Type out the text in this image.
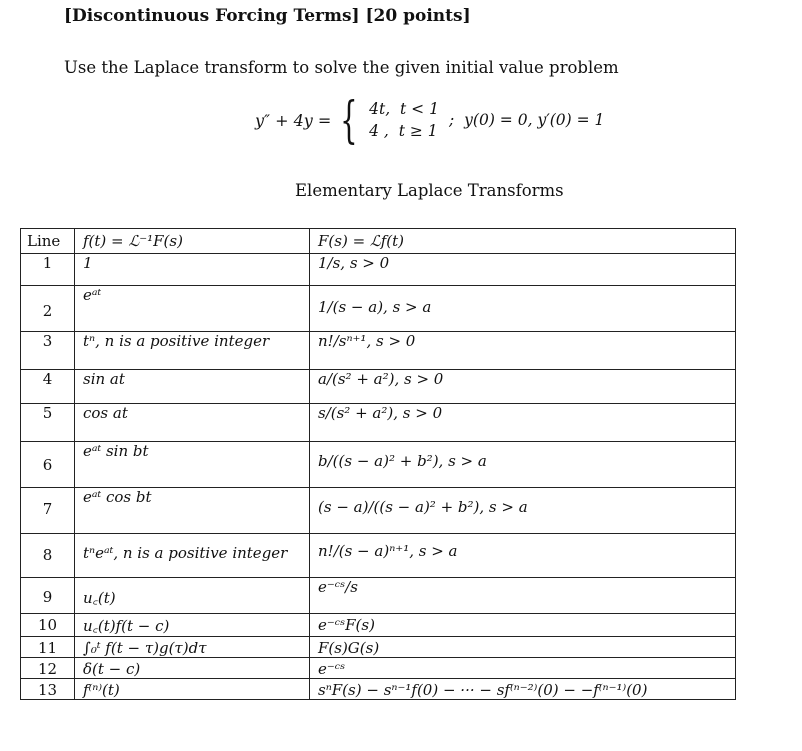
[Discontinuous Forcing Terms] [20 points]
Use the Laplace transform to solve the given initial value problem
y″ + 4y = { 4t,  t < 1
4 ,  t ≥ 1
; y(0) = 0, y′(0) = 1
Elementary Laplace Transforms
Line	f(t) = ℒ⁻¹F(s)	F(s) = ℒf(t)
1	1	1/s, s > 0
2	eᵃᵗ	1/(s − a), s > a
3	tⁿ, n is a positive integer	n!/sⁿ⁺¹, s > 0
4	sin at	a/(s² + a²), s > 0
5	cos at	s/(s² + a²), s > 0
6	eᵃᵗ sin bt	b/((s − a)² + b²), s > a
7	eᵃᵗ cos bt	(s − a)/((s − a)² + b²), s > a
8	tⁿeᵃᵗ, n is a positive integer	n!/(s − a)ⁿ⁺¹, s > a
9	u꜀(t)	e⁻ᶜˢ/s
10	u꜀(t)f(t − c)	e⁻ᶜˢF(s)
11	∫₀ᵗ f(t − τ)g(τ)dτ	F(s)G(s)
12	δ(t − c)	e⁻ᶜˢ
13	f⁽ⁿ⁾(t)	sⁿF(s) − sⁿ⁻¹f(0) − ··· − sf⁽ⁿ⁻²⁾(0) − −f⁽ⁿ⁻¹⁾(0)
